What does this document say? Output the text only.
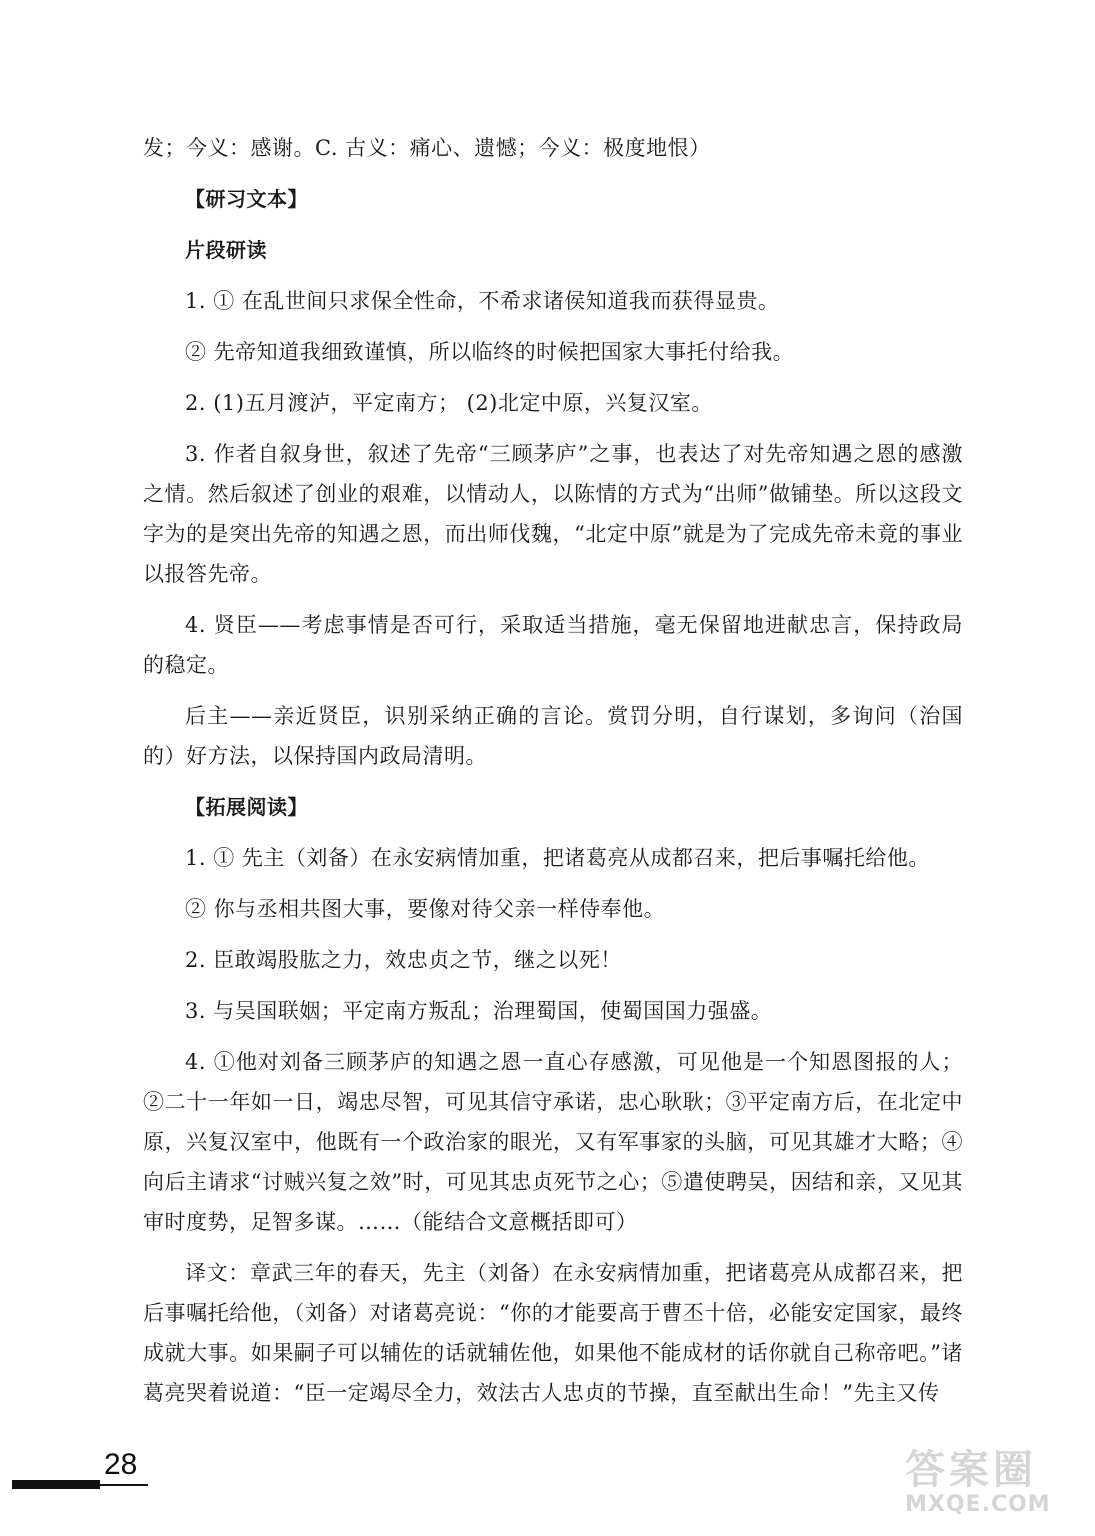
发；今义：感谢。C. 古义：痛心、遗憾；今义：极度地恨）

【研习文本】

片段研读

1. ① 在乱世间只求保全性命，不希求诸侯知道我而获得显贵。

② 先帝知道我细致谨慎，所以临终的时候把国家大事托付给我。

2. (1)五月渡泸，平定南方； (2)北定中原，兴复汉室。

3. 作者自叙身世，叙述了先帝“三顾茅庐”之事，也表达了对先帝知遇之恩的感激之情。然后叙述了创业的艰难，以情动人，以陈情的方式为“出师”做铺垫。所以这段文字为的是突出先帝的知遇之恩，而出师伐魏，“北定中原”就是为了完成先帝未竟的事业以报答先帝。

4. 贤臣——考虑事情是否可行，采取适当措施，毫无保留地进献忠言，保持政局的稳定。

后主——亲近贤臣，识别采纳正确的言论。赏罚分明，自行谋划，多询问（治国的）好方法，以保持国内政局清明。

【拓展阅读】

1. ① 先主（刘备）在永安病情加重，把诸葛亮从成都召来，把后事嘱托给他。

② 你与丞相共图大事，要像对待父亲一样侍奉他。

2. 臣敢竭股肱之力，效忠贞之节，继之以死！

3. 与吴国联姻；平定南方叛乱；治理蜀国，使蜀国国力强盛。

4. ①他对刘备三顾茅庐的知遇之恩一直心存感激，可见他是一个知恩图报的人；②二十一年如一日，竭忠尽智，可见其信守承诺，忠心耿耿；③平定南方后，在北定中原，兴复汉室中，他既有一个政治家的眼光，又有军事家的头脑，可见其雄才大略；④向后主请求“讨贼兴复之效”时，可见其忠贞死节之心；⑤遣使聘吴，因结和亲，又见其审时度势，足智多谋。……（能结合文意概括即可）

译文：章武三年的春天，先主（刘备）在永安病情加重，把诸葛亮从成都召来，把后事嘱托给他，（刘备）对诸葛亮说：“你的才能要高于曹丕十倍，必能安定国家，最终成就大事。如果嗣子可以辅佐的话就辅佐他，如果他不能成材的话你就自己称帝吧。”诸葛亮哭着说道：“臣一定竭尽全力，效法古人忠贞的节操，直至献出生命！”先主又传

28	答案圈
MXQE.COM
